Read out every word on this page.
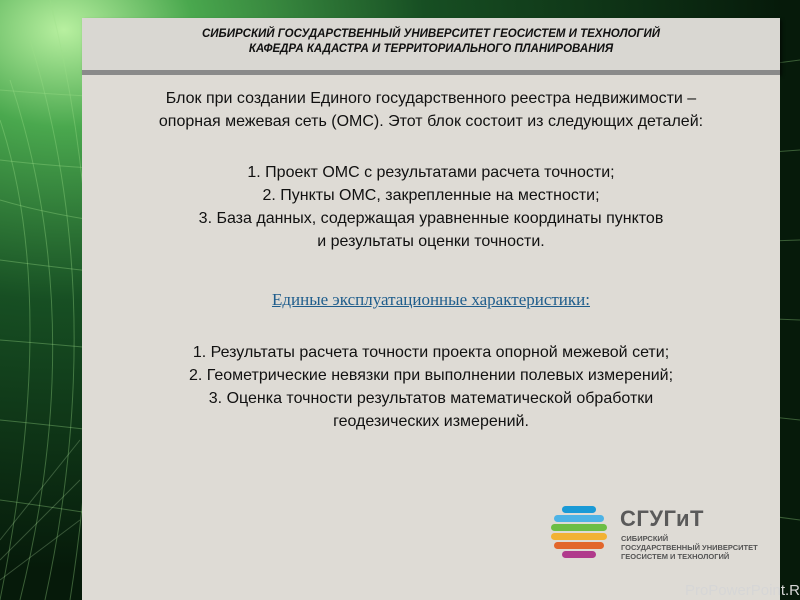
СИБИРСКИЙ ГОСУДАРСТВЕННЫЙ УНИВЕРСИТЕТ ГЕОСИСТЕМ И ТЕХНОЛОГИЙ
КАФЕДРА КАДАСТРА И ТЕРРИТОРИАЛЬНОГО ПЛАНИРОВАНИЯ
Блок при создании Единого государственного реестра недвижимости –
опорная межевая сеть (ОМС). Этот блок состоит из следующих деталей:
1. Проект ОМС с результатами расчета точности;
2. Пункты ОМС, закрепленные на местности;
3. База данных, содержащая уравненные координаты пунктов
и результаты оценки точности.
Единые эксплуатационные характеристики:
1. Результаты расчета точности проекта опорной межевой сети;
2. Геометрические невязки при выполнении полевых измерений;
3. Оценка точности результатов математической обработки
геодезических измерений.
СГУГиТ
СИБИРСКИЙ
ГОСУДАРСТВЕННЫЙ УНИВЕРСИТЕТ
ГЕОСИСТЕМ И ТЕХНОЛОГИЙ
ProPowerPoint.R
